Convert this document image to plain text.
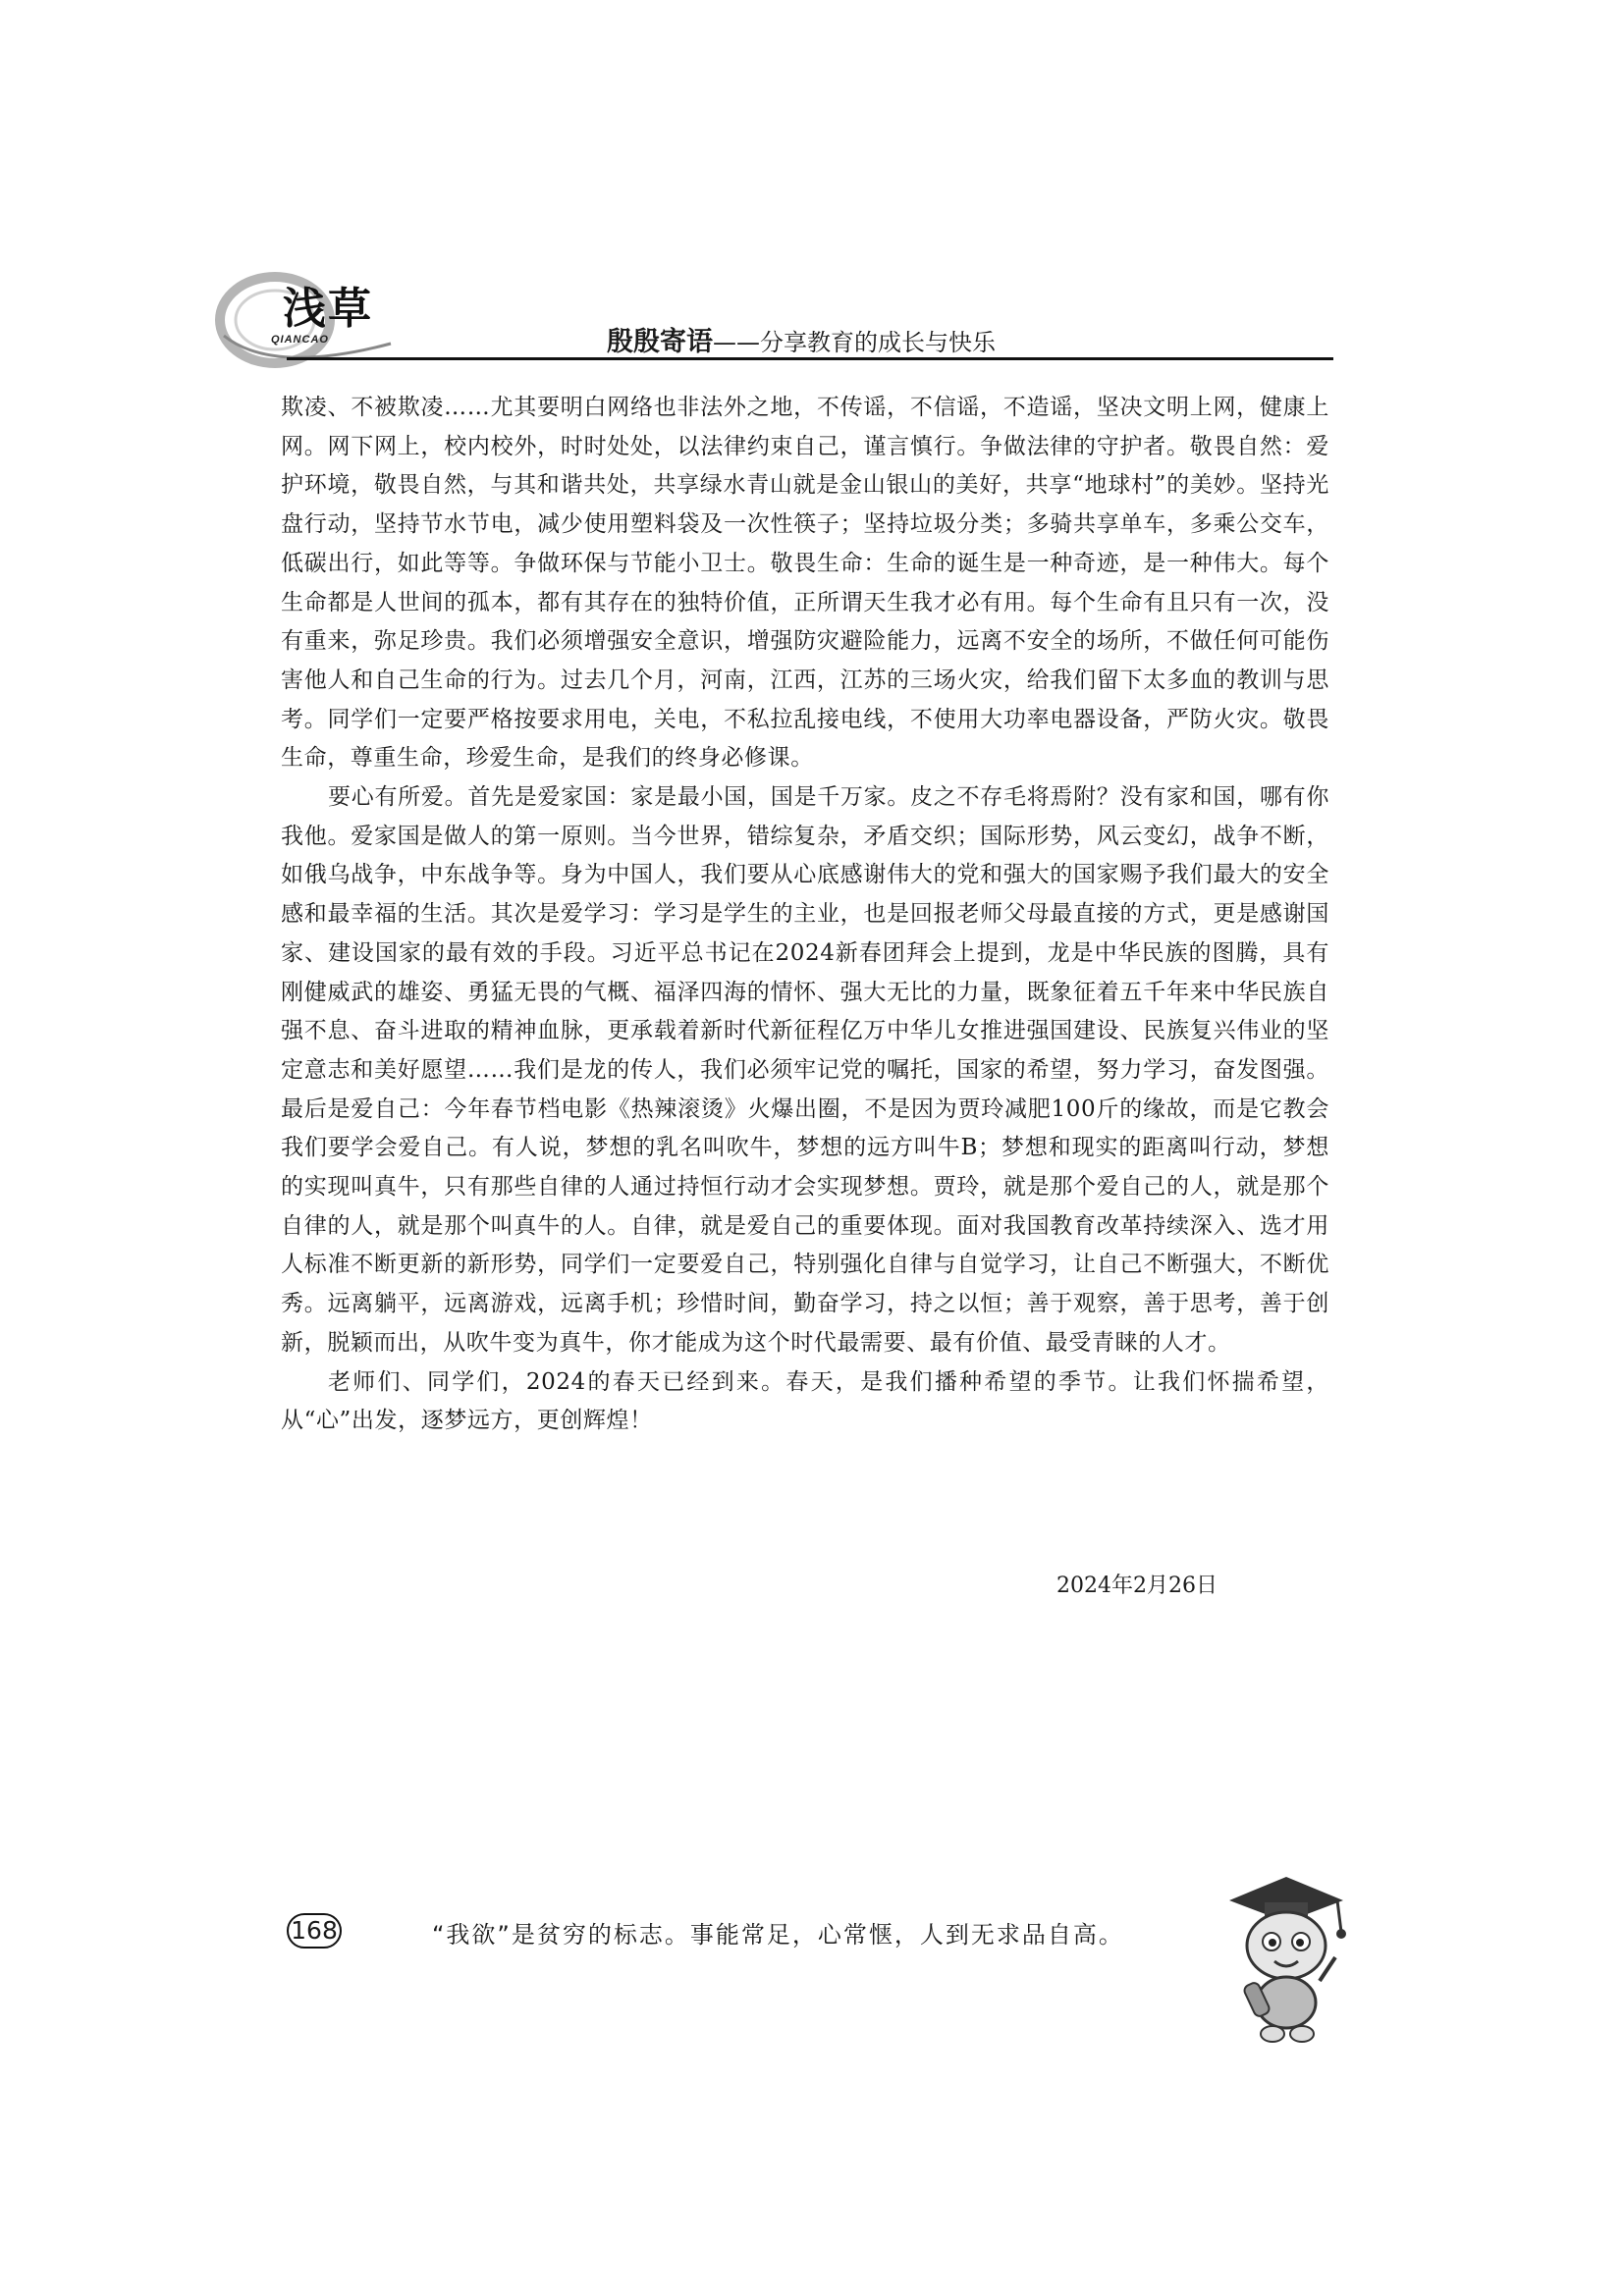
浅草
QIANCAO	殷殷寄语——分享教育的成长与快乐

欺凌、不被欺凌……尤其要明白网络也非法外之地，不传谣，不信谣，不造谣，坚决文明上网，健康上网。网下网上，校内校外，时时处处，以法律约束自己，谨言慎行。争做法律的守护者。敬畏自然：爱护环境，敬畏自然，与其和谐共处，共享绿水青山就是金山银山的美好，共享“地球村”的美妙。坚持光盘行动，坚持节水节电，减少使用塑料袋及一次性筷子；坚持垃圾分类；多骑共享单车，多乘公交车，低碳出行，如此等等。争做环保与节能小卫士。敬畏生命：生命的诞生是一种奇迹，是一种伟大。每个生命都是人世间的孤本，都有其存在的独特价值，正所谓天生我才必有用。每个生命有且只有一次，没有重来，弥足珍贵。我们必须增强安全意识，增强防灾避险能力，远离不安全的场所，不做任何可能伤害他人和自己生命的行为。过去几个月，河南，江西，江苏的三场火灾，给我们留下太多血的教训与思考。同学们一定要严格按要求用电，关电，不私拉乱接电线，不使用大功率电器设备，严防火灾。敬畏生命，尊重生命，珍爱生命，是我们的终身必修课。

要心有所爱。首先是爱家国：家是最小国，国是千万家。皮之不存毛将焉附？没有家和国，哪有你我他。爱家国是做人的第一原则。当今世界，错综复杂，矛盾交织；国际形势，风云变幻，战争不断，如俄乌战争，中东战争等。身为中国人，我们要从心底感谢伟大的党和强大的国家赐予我们最大的安全感和最幸福的生活。其次是爱学习：学习是学生的主业，也是回报老师父母最直接的方式，更是感谢国家、建设国家的最有效的手段。习近平总书记在2024新春团拜会上提到，龙是中华民族的图腾，具有刚健威武的雄姿、勇猛无畏的气概、福泽四海的情怀、强大无比的力量，既象征着五千年来中华民族自强不息、奋斗进取的精神血脉，更承载着新时代新征程亿万中华儿女推进强国建设、民族复兴伟业的坚定意志和美好愿望……我们是龙的传人，我们必须牢记党的嘱托，国家的希望，努力学习，奋发图强。最后是爱自己：今年春节档电影《热辣滚烫》火爆出圈，不是因为贾玲减肥100斤的缘故，而是它教会我们要学会爱自己。有人说，梦想的乳名叫吹牛，梦想的远方叫牛B；梦想和现实的距离叫行动，梦想的实现叫真牛，只有那些自律的人通过持恒行动才会实现梦想。贾玲，就是那个爱自己的人，就是那个自律的人，就是那个叫真牛的人。自律，就是爱自己的重要体现。面对我国教育改革持续深入、选才用人标准不断更新的新形势，同学们一定要爱自己，特别强化自律与自觉学习，让自己不断强大，不断优秀。远离躺平，远离游戏，远离手机；珍惜时间，勤奋学习，持之以恒；善于观察，善于思考，善于创新，脱颖而出，从吹牛变为真牛，你才能成为这个时代最需要、最有价值、最受青睐的人才。

老师们、同学们，2024的春天已经到来。春天，是我们播种希望的季节。让我们怀揣希望，从“心”出发，逐梦远方，更创辉煌！

2024年2月26日
168	“我欲”是贫穷的标志。事能常足，心常惬，人到无求品自高。
